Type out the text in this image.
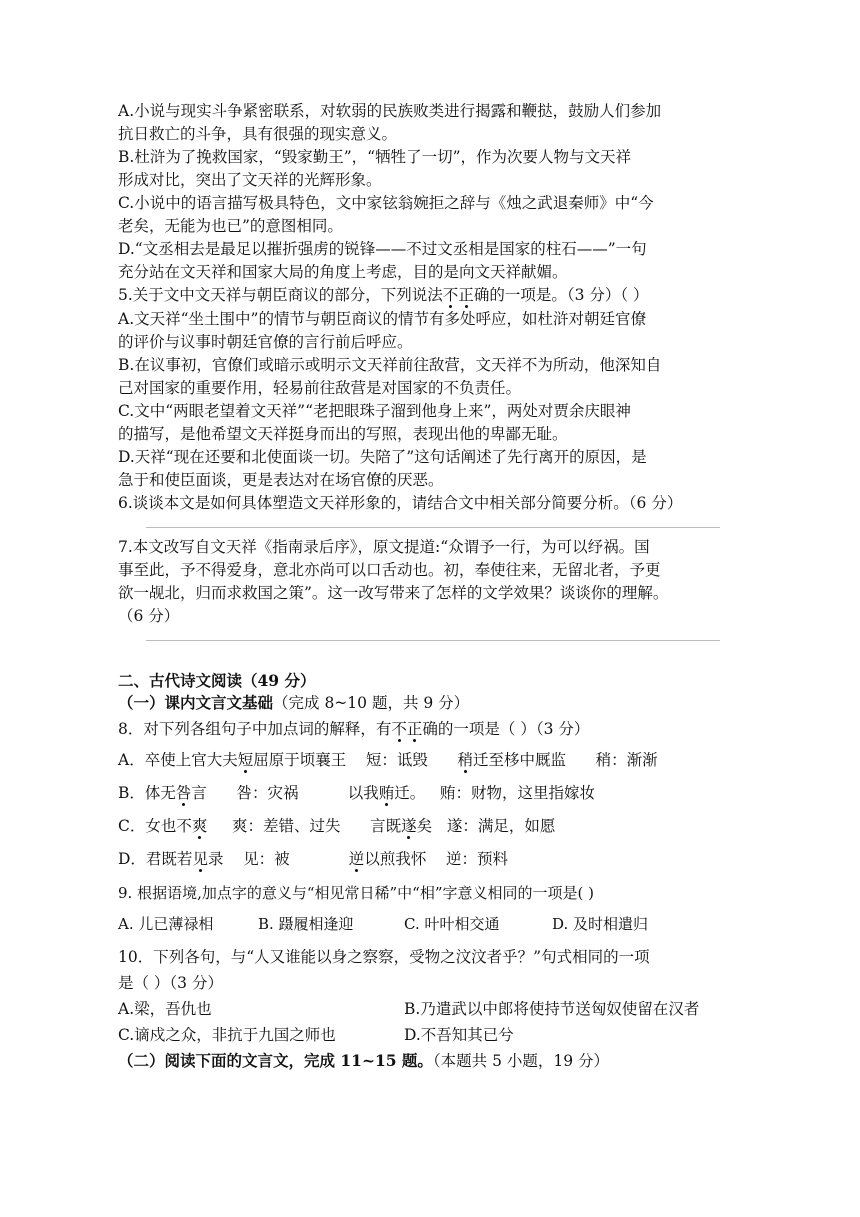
A.小说与现实斗争紧密联系，对软弱的民族败类进行揭露和鞭挞，鼓励人们参加
抗日救亡的斗争，具有很强的现实意义。
B.杜浒为了挽救国家，“毁家勤王”，“牺牲了一切”，作为次要人物与文天祥
形成对比，突出了文天祥的光辉形象。
C.小说中的语言描写极具特色，文中家铉翁婉拒之辞与《烛之武退秦师》中“今
老矣，无能为也已”的意图相同。
D.“文丞相去是最足以摧折强虏的锐锋——不过文丞相是国家的柱石——”一句
充分站在文天祥和国家大局的角度上考虑，目的是向文天祥献媚。
5.关于文中文天祥与朝臣商议的部分，下列说法不正确的一项是。（3 分）（ ）
A.文天祥“坐土围中”的情节与朝臣商议的情节有多处呼应，如杜浒对朝廷官僚
的评价与议事时朝廷官僚的言行前后呼应。
B.在议事初，官僚们或暗示或明示文天祥前往敌营，文天祥不为所动，他深知自
己对国家的重要作用，轻易前往敌营是对国家的不负责任。
C.文中“两眼老望着文天祥”“老把眼珠子溜到他身上来”，两处对贾余庆眼神
的描写，是他希望文天祥挺身而出的写照，表现出他的卑鄙无耻。
D.天祥“现在还要和北使面谈一切。失陪了”这句话阐述了先行离开的原因，是
急于和使臣面谈，更是表达对在场官僚的厌恶。
6.谈谈本文是如何具体塑造文天祥形象的，请结合文中相关部分简要分析。（6 分）
7.本文改写自文天祥《指南录后序》，原文提道:“众谓予一行，为可以纾祸。国
事至此，予不得爱身，意北亦尚可以口舌动也。初，奉使往来，无留北者，予更
欲一觇北，归而求救国之策”。这一改写带来了怎样的文学效果？谈谈你的理解。
（6 分）
二、古代诗文阅读（49 分）
（一）课内文言文基础（完成 8~10 题，共 9 分）
8．对下列各组句子中加点词的解释，有不正确的一项是（ ）（3 分）
A．卒使上官大夫短屈原于顷襄王    短：诋毁      稍迁至栘中厩监      稍：渐渐
B．体无咎言      咎：灾祸          以我贿迁。   贿：财物，这里指嫁妆
C．女也不爽     爽：差错、过失      言既遂矣   遂：满足，如愿
D．君既若见录    见：被            逆以煎我怀    逆：预料
9. 根据语境,加点字的意义与“相见常日稀”中“相”字意义相同的一项是( )
A. 儿已薄禄相	B. 蹑履相逢迎	C. 叶叶相交通	D. 及时相遣归
10．下列各句，与“人又谁能以身之察察，受物之汶汶者乎？”句式相同的一项
是（ ）（3 分）
A.梁，吾仇也	B.乃遣武以中郎将使持节送匈奴使留在汉者
C.谪戍之众，非抗于九国之师也	D.不吾知其已兮
（二）阅读下面的文言文，完成 11~15 题。（本题共 5 小题，19 分）
